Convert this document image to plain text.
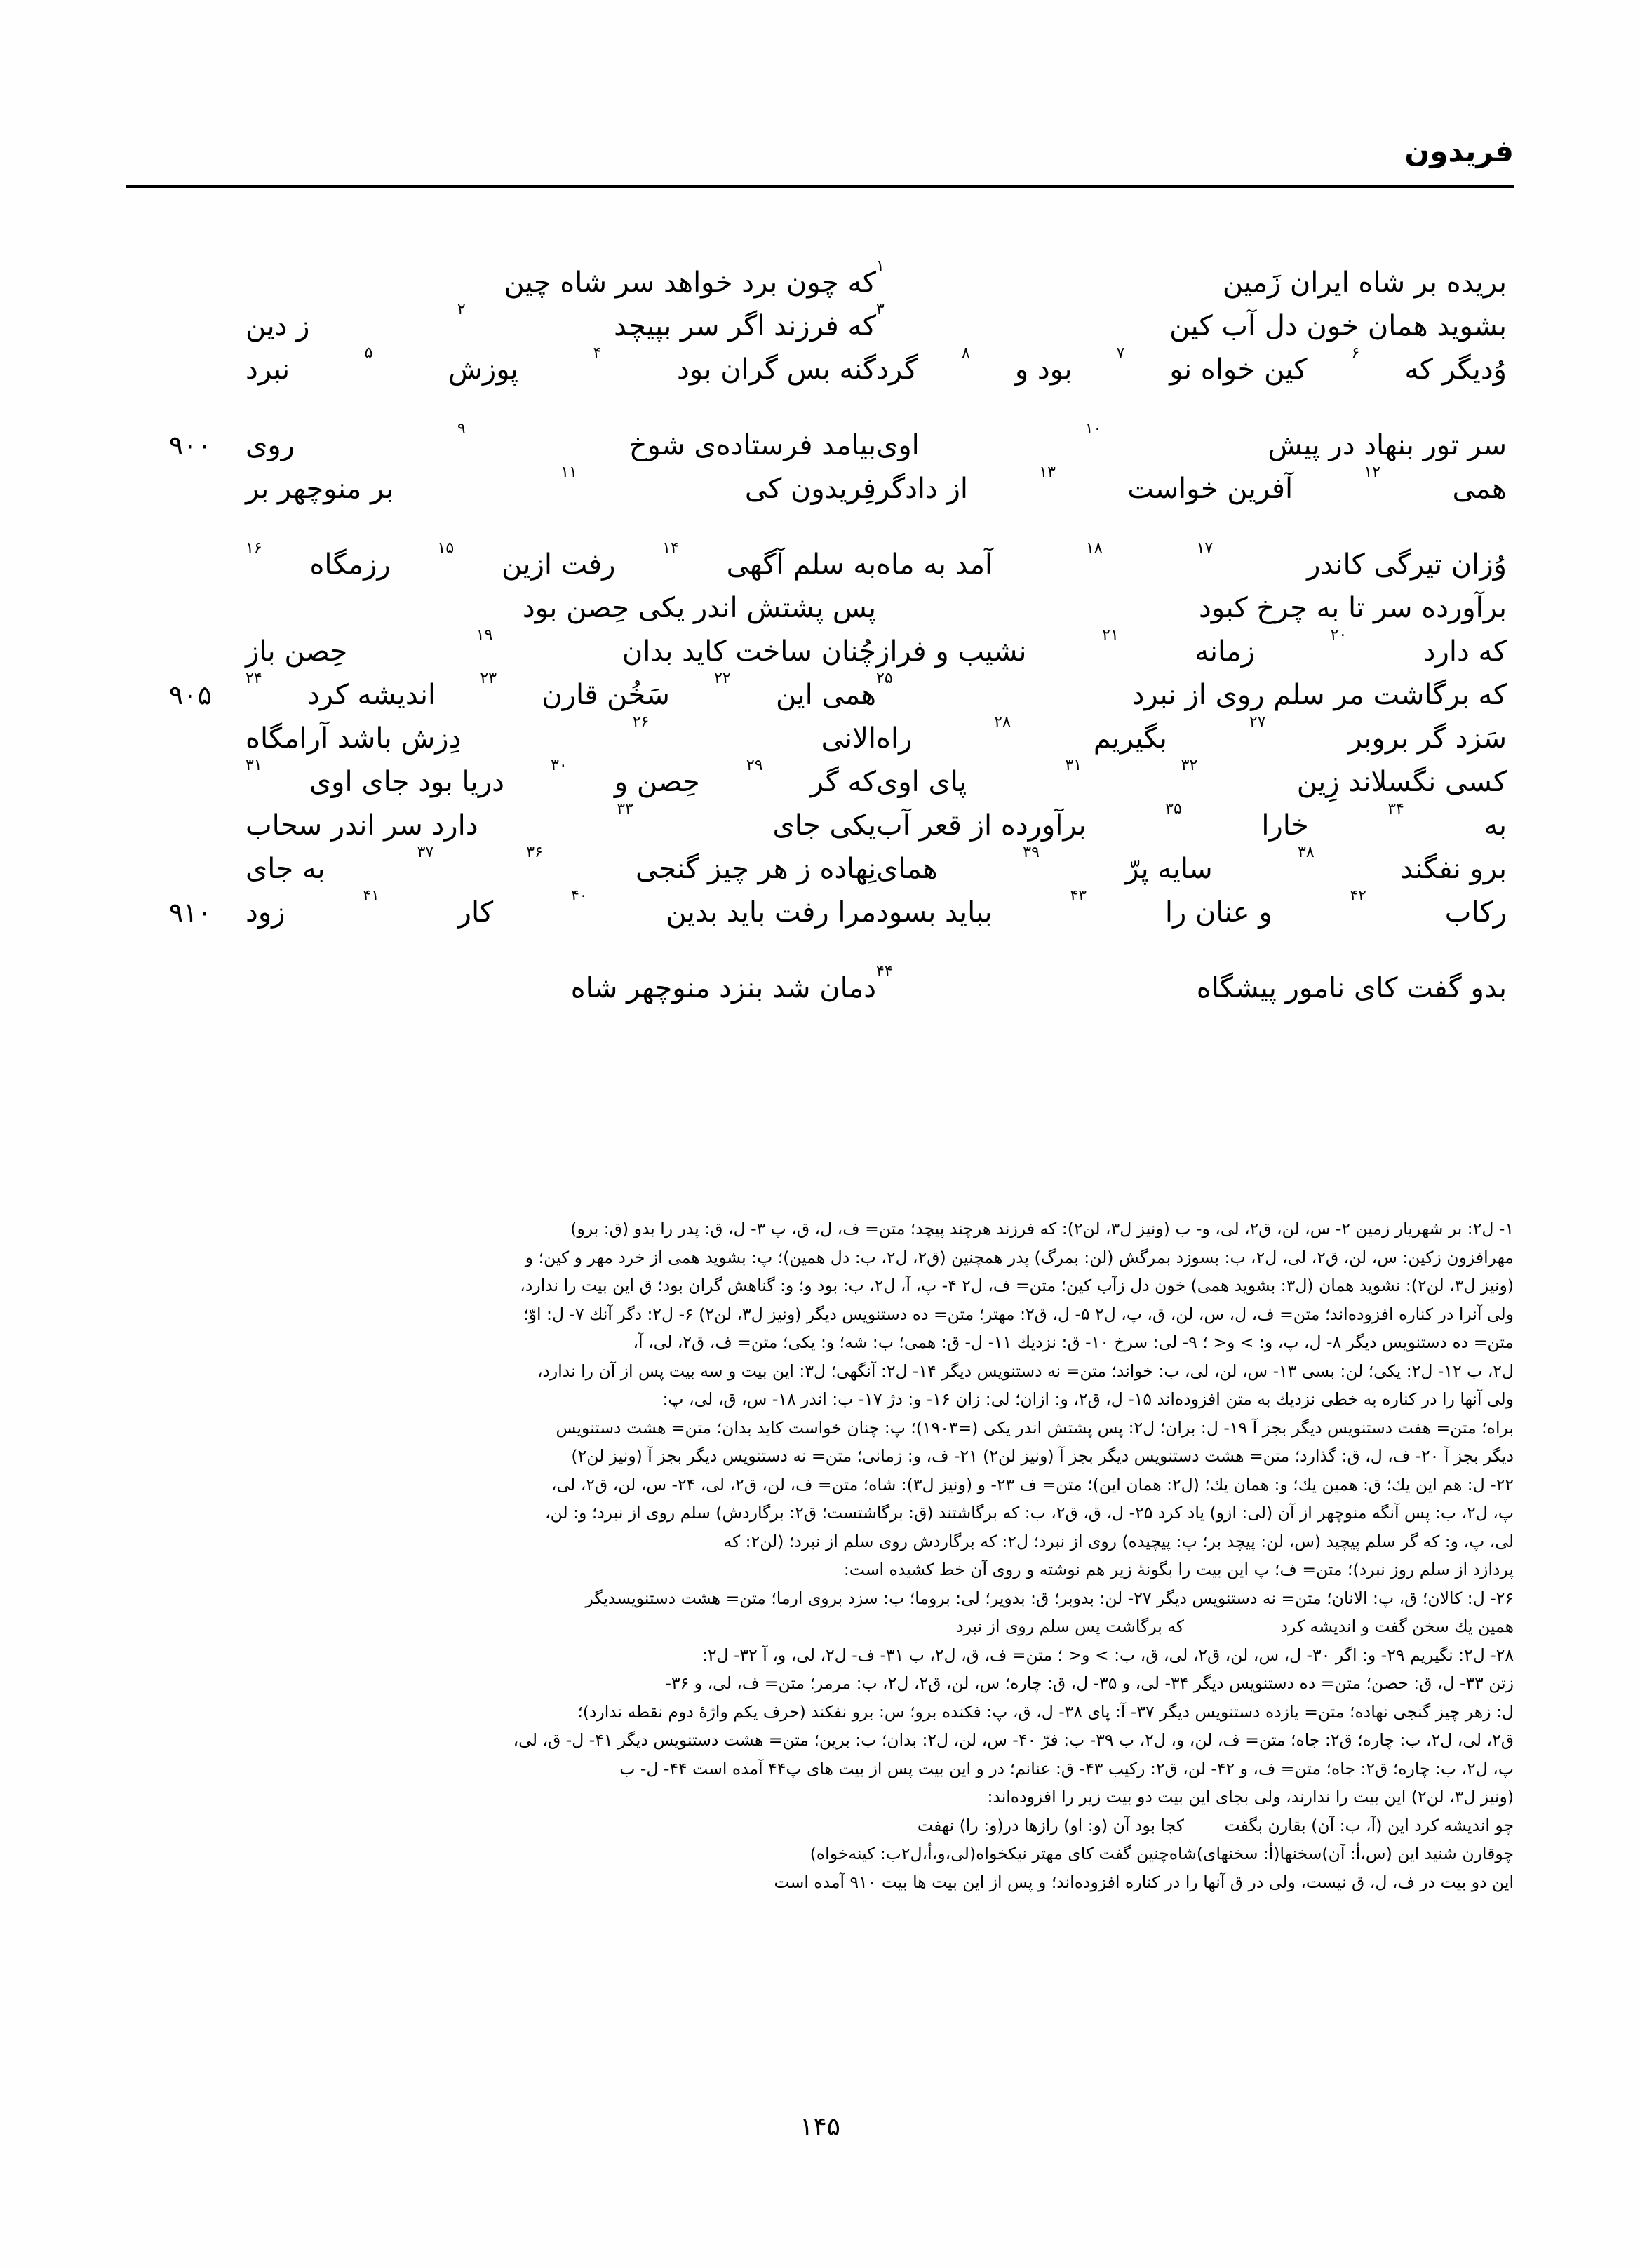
فریدون
بریده بر شاه ایران زَمین
۱
که چون برد خواهد سر شاه چین
بشوید همان خون دل آب کین
۳
که فرزند اگر سر بپیچد
۲
ز دین
وُدیگر که
۶
کین خواه نو
۷
بود و
۸
گرد
گنه بس گران بود
۴
پوزش
۵
نبرد
سر تور بنهاد در پیش
۱۰
اوی
بیامد فرستاده‌ی شوخ
۹
روی
۹۰۰
همی
۱۲
آفرین خواست
۱۳
از دادگر
فِریدون کی
۱۱
بر منوچهر بر
وُزان تیرگی کاندر
۱۷
۱۸
آمد به ماه
به سلم آگهی
۱۴
رفت ازین
۱۵
رزمگاه
۱۶
برآورده سر تا به چرخ کبود
پس پشتش اندر یکی حِصن بود
که دارد
۲۰
زمانه
۲۱
نشیب و فراز
چُنان ساخت کاید بدان
۱۹
حِصن باز
که برگاشت مر سلم روی از نبرد
۲۵
همی این
۲۲
سَخُن قارن
۲۳
اندیشه کرد
۲۴
۹۰۵
سَزد گر بروبر
۲۷
بگیریم
۲۸
راه
الانی
۲۶
دِزش باشد آرامگاه
کسی نگسلاند زِین
۳۲
۳۱
پای اوی
که گر
۲۹
حِصن و
۳۰
دریا بود جای اوی
۳۱
به
۳۴
خارا
۳۵
برآورده از قعر آب
یکی جای
۳۳
دارد سر اندر سحاب
برو نفگند
۳۸
سایه پرّ
۳۹
همای
نِهاده ز هر چیز گنجی
۳۶
۳۷
به جای
رکاب
۴۲
و عنان را
۴۳
بباید بسود
مرا رفت باید بدین
۴۰
کار
۴۱
زود
۹۱۰
بدو گفت کای نامور پیشگاه
۴۴
دمان شد بنزد منوچهر شاه
۱- ل۲: بر شهریار زمین ۲- س، لن، ق۲، لی، و- ب (ونیز ل۳، لن۲): که فرزند هرچند پیچد؛ متن= ف، ل، ق، پ ۳- ل، ق: پدر را بدو (ق: برو)
مهرافزون زکین: س، لن، ق۲، لی، ل۲، ب: بسوزد بمرگش (لن: بمرگ) پدر همچنین (ق۲، ل۲، ب: دل همین)؛ پ: بشوید همی از خرد مهر و کین؛ و
(ونیز ل۳، لن۲): نشوید همان (ل۳: بشوید همی) خون دل زآب کین؛ متن= ف، ل۲ ۴- پ، آ، ل۲، ب: بود و؛ و: گناهش گران بود؛ ق این بیت را ندارد،
ولی آنرا در کناره افزوده‌اند؛ متن= ف، ل، س، لن، ق، پ، ل۲ ۵- ل، ق۲: مهتر؛ متن= ده دستنویس دیگر (ونیز ل۳، لن۲) ۶- ل۲: دگر آنك ۷- ل: اوّ؛
متن= ده دستنویس دیگر ۸- ل، پ، و: > و< ؛ ۹- لی: سرخ ۱۰- ق: نزدیك ۱۱- ل- ق: همی؛ ب: شه؛ و: یكی؛ متن= ف، ق۲، لی، آ،
ل۲، ب ۱۲- ل۲: یكی؛ لن: بسی ۱۳- س، لن، لی، ب: خواند؛ متن= نه دستنویس دیگر ۱۴- ل۲: آنگهی؛ ل۳: این بیت و سه بیت پس از آن را ندارد،
ولی آنها را در کناره به خطی نزدیك به متن افزوده‌اند ۱۵- ل، ق۲، و: ازان؛ لی: زان ۱۶- و: دژ ۱۷- ب: اندر ۱۸- س، ق، لی، پ:
براه؛ متن= هفت دستنویس دیگر بجز آ ۱۹- ل: بران؛ ل۲: پس پشتش اندر یكی (=۱۹۰۳)؛ پ: چنان خواست کاید بدان؛ متن= هشت دستنویس
دیگر بجز آ ۲۰- ف، ل، ق: گذارد؛ متن= هشت دستنویس دیگر بجز آ (ونیز لن۲) ۲۱- ف، و: زمانی؛ متن= نه دستنویس دیگر بجز آ (ونیز لن۲)
۲۲- ل: هم این یك؛ ق: همین یك؛ و: همان یك؛ (ل۲: همان این)؛ متن= ف ۲۳- و (ونیز ل۳): شاه؛ متن= ف، لن، ق۲، لی، ۲۴- س، لن، ق۲، لی،
پ، ل۲، ب: پس آنگه منوچهر از آن (لی: ازو) یاد کرد ۲۵- ل، ق، ق۲، ب: که برگاشتند (ق: برگاشتست؛ ق۲: برگاردش) سلم روی از نبرد؛ و: لن،
لی، پ، و: که گر سلم پیچید (س، لن: پیچد بر؛ پ: پیچیده) روی از نبرد؛ ل۲: که برگاردش روی سلم از نبرد؛ (لن۲: که
پردازد از سلم روز نبرد)؛ متن= ف؛ پ این بیت را بگونهٔ زیر هم نوشته و روی آن خط کشیده است:
۲۶- ل: کالان؛ ق، پ: الانان؛ متن= نه دستنویس دیگر ۲۷- لن: بدوبر؛ ق: بدویر؛ لی: بروما؛ ب: سزد بروی ارما؛ متن= هشت دستنویسدیگر
همین یك سخن گفت و اندیشه کردکه برگاشت پس سلم روی از نبرد
۲۸- ل۲: نگیریم ۲۹- و: اگر ۳۰- ل، س، لن، ق۲، لی، ق، ب: > و< ؛ متن= ف، ق، ل۲، ب ۳۱- ف- ل۲، لی، و، آ ۳۲- ل۲:
زتن ۳۳- ل، ق: حصن؛ متن= ده دستنویس دیگر ۳۴- لی، و ۳۵- ل، ق: چاره؛ س، لن، ق۲، ل۲، ب: مرمر؛ متن= ف، لی، و ۳۶-
ل: زهر چیز گنجی نهاده؛ متن= یازده دستنویس دیگر ۳۷- آ: پای ۳۸- ل، ق، پ: فکنده برو؛ س: برو نفکند (حرف یكم واژهٔ دوم نقطه ندارد)؛
ق۲، لی، ل۲، ب: چاره؛ ق۲: جاه؛ متن= ف، لن، و، ل۲، ب ۳۹- ب: فرّ ۴۰- س، لن، ل۲: بدان؛ ب: برین؛ متن= هشت دستنویس دیگر ۴۱- ل- ق، لی،
پ، ل۲، ب: چاره؛ ق۲: جاه؛ متن= ف، و ۴۲- لن، ق۲: رکیب ۴۳- ق: عنانم؛ در و این بیت پس از بیت های پ۴۴ آمده است ۴۴- ل- ب
(ونیز ل۳، لن۲) این بیت را ندارند، ولی بجای این بیت دو بیت زیر را افزوده‌اند:
چو اندیشه کرد این (آ، ب: آن) بقارن بگفتکجا بود آن (و: او) رازها در(و: را) نهفت
چوقارن شنید این (س،أ: آن)سخنها(أ: سخنهای)شاهچنین گفت کای مهتر نیکخواه(لی،و،أ،ل۲ب: کینه‌خواه)
این دو بیت در ف، ل، ق نیست، ولی در ق آنها را در کناره افزوده‌اند؛ و پس از این بیت ها بیت ۹۱۰ آمده است
۱۴۵
